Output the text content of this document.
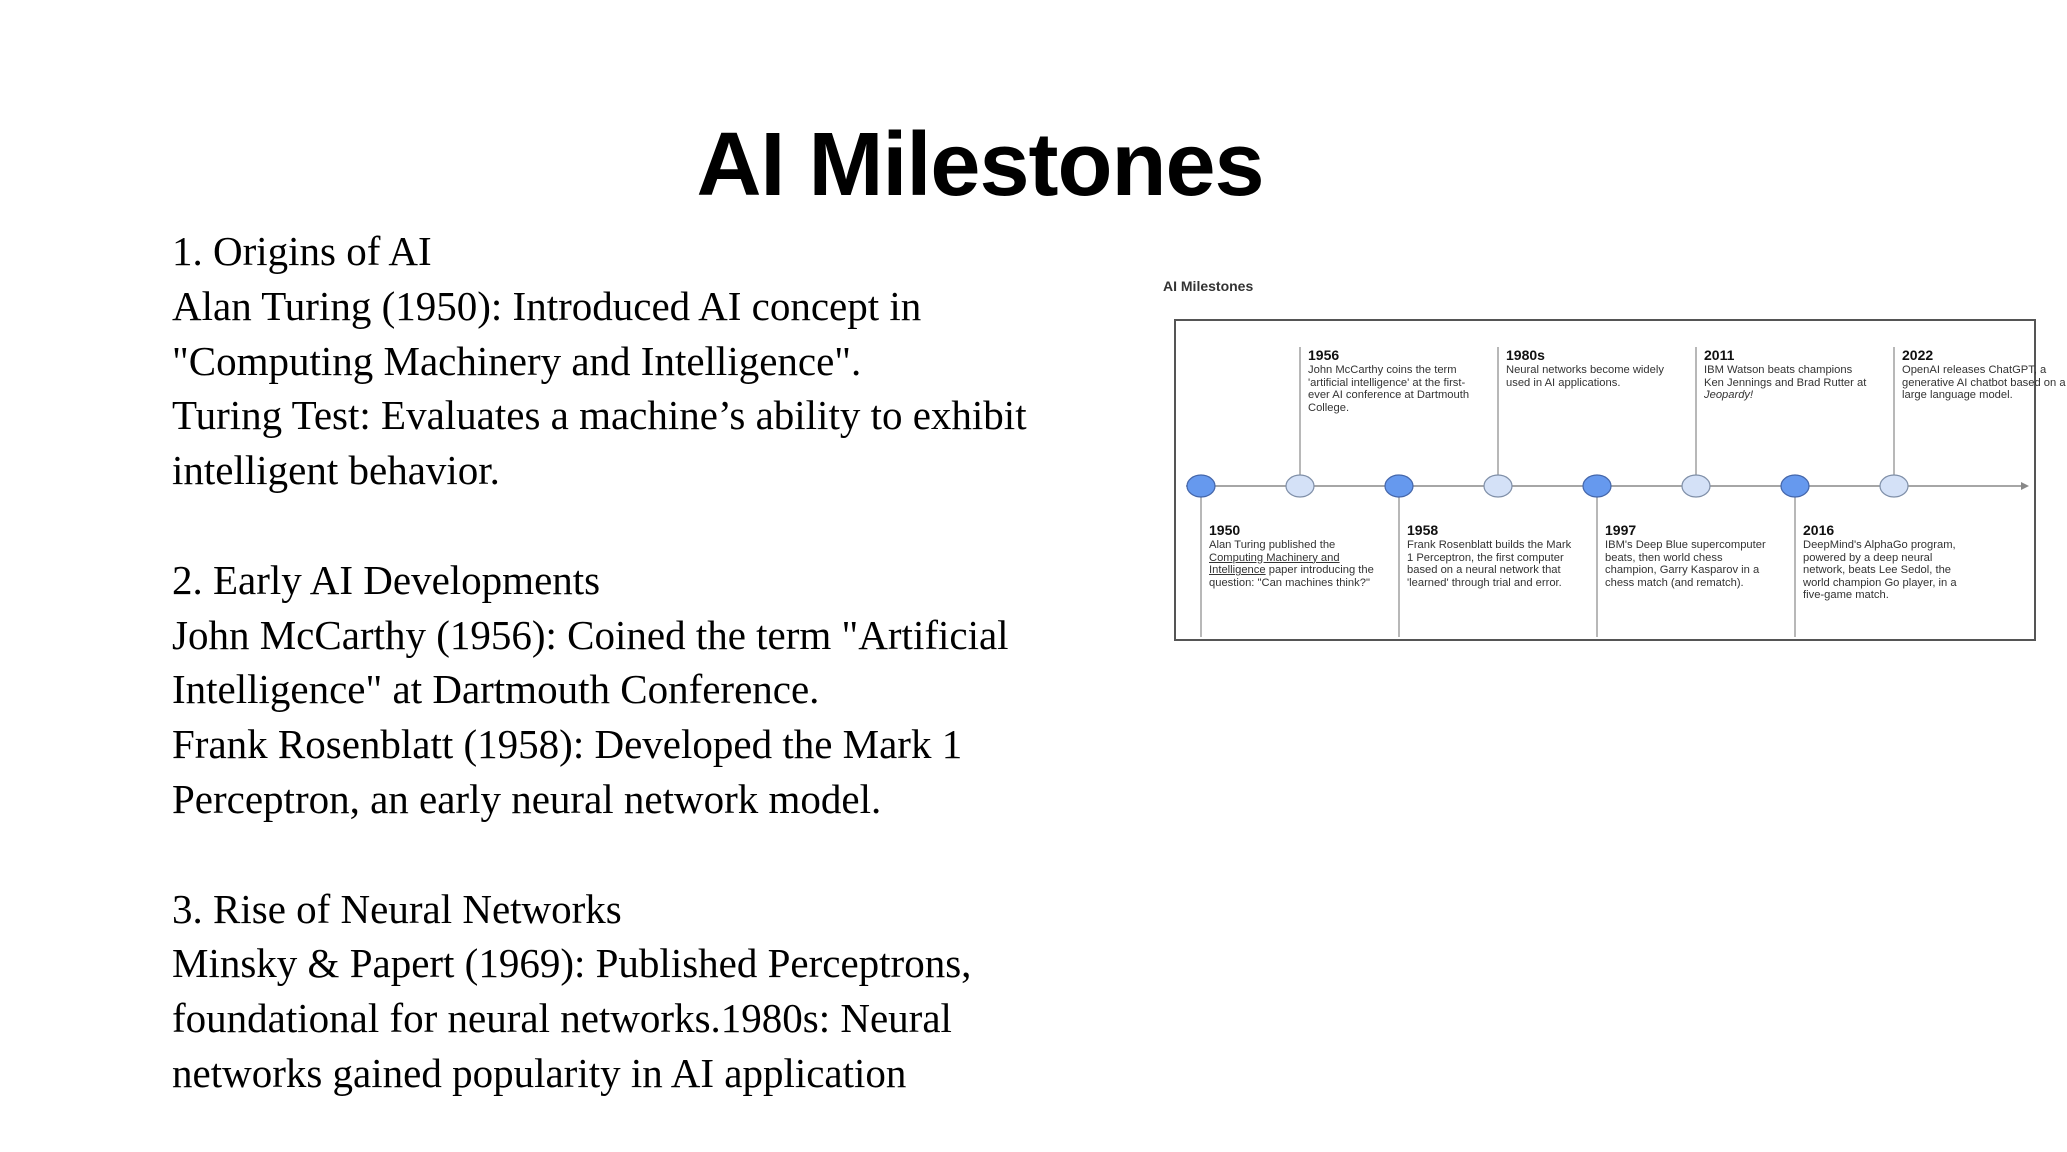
AI Milestones
1. Origins of AI
Alan Turing (1950): Introduced AI concept in
"Computing Machinery and Intelligence".
Turing Test: Evaluates a machine’s ability to exhibit
intelligent behavior.
2. Early AI Developments
John McCarthy (1956): Coined the term "Artificial
Intelligence" at Dartmouth Conference.
Frank Rosenblatt (1958): Developed the Mark 1
Perceptron, an early neural network model.
3. Rise of Neural Networks
Minsky & Papert (1969): Published Perceptrons,
foundational for neural networks.1980s: Neural
networks gained popularity in AI application
AI Milestones
1950
Alan Turing published the Computing Machinery and Intelligence paper introducing the question: "Can machines think?"
1956
John McCarthy coins the term 'artificial intelligence' at the first-ever AI conference at Dartmouth College.
1958
Frank Rosenblatt builds the Mark 1 Perceptron, the first computer based on a neural network that 'learned' through trial and error.
1980s
Neural networks become widely used in AI applications.
1997
IBM's Deep Blue supercomputer beats, then world chess champion, Garry Kasparov in a chess match (and rematch).
2011
IBM Watson beats champions Ken Jennings and Brad Rutter at Jeopardy!
2016
DeepMind's AlphaGo program, powered by a deep neural network, beats Lee Sedol, the world champion Go player, in a five-game match.
2022
OpenAI releases ChatGPT, a generative AI chatbot based on a large language model.
